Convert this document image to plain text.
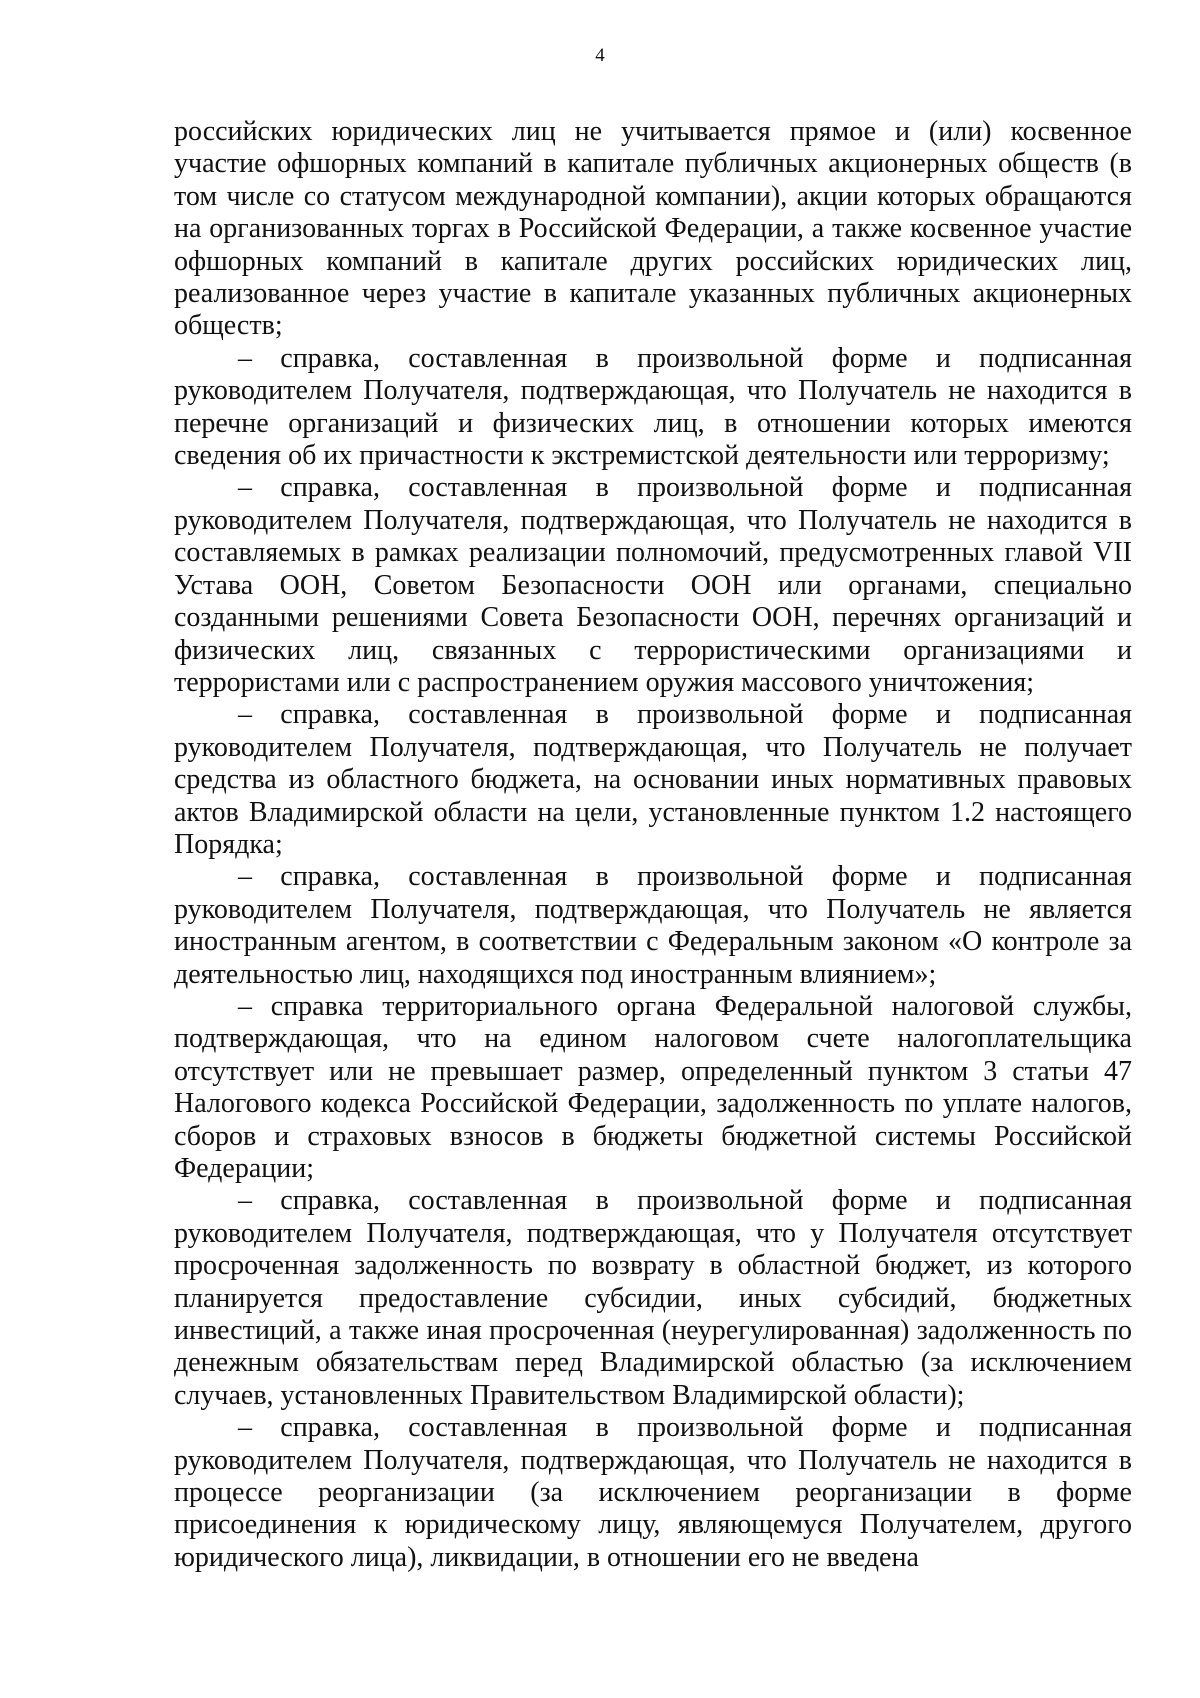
4

российских юридических лиц не учитывается прямое и (или) косвенное участие офшорных компаний в капитале публичных акционерных обществ (в том числе со статусом международной компании), акции которых обращаются на организованных торгах в Российской Федерации, а также косвенное участие офшорных компаний в капитале других российских юридических лиц, реализованное через участие в капитале указанных публичных акционерных обществ;

– справка, составленная в произвольной форме и подписанная руководителем Получателя, подтверждающая, что Получатель не находится в перечне организаций и физических лиц, в отношении которых имеются сведения об их причастности к экстремистской деятельности или терроризму;

– справка, составленная в произвольной форме и подписанная руководителем Получателя, подтверждающая, что Получатель не находится в составляемых в рамках реализации полномочий, предусмотренных главой VII Устава ООН, Советом Безопасности ООН или органами, специально созданными решениями Совета Безопасности ООН, перечнях организаций и физических лиц, связанных с террористическими организациями и террористами или с распространением оружия массового уничтожения;

– справка, составленная в произвольной форме и подписанная руководителем Получателя, подтверждающая, что Получатель не получает средства из областного бюджета, на основании иных нормативных правовых актов Владимирской области на цели, установленные пунктом 1.2 настоящего Порядка;

– справка, составленная в произвольной форме и подписанная руководителем Получателя, подтверждающая, что Получатель не является иностранным агентом, в соответствии с Федеральным законом «О контроле за деятельностью лиц, находящихся под иностранным влиянием»;

– справка территориального органа Федеральной налоговой службы, подтверждающая, что на едином налоговом счете налогоплательщика отсутствует или не превышает размер, определенный пунктом 3 статьи 47 Налогового кодекса Российской Федерации, задолженность по уплате налогов, сборов и страховых взносов в бюджеты бюджетной системы Российской Федерации;

– справка, составленная в произвольной форме и подписанная руководителем Получателя, подтверждающая, что у Получателя отсутствует просроченная задолженность по возврату в областной бюджет, из которого планируется предоставление субсидии, иных субсидий, бюджетных инвестиций, а также иная просроченная (неурегулированная) задолженность по денежным обязательствам перед Владимирской областью (за исключением случаев, установленных Правительством Владимирской области);

– справка, составленная в произвольной форме и подписанная руководителем Получателя, подтверждающая, что Получатель не находится в процессе реорганизации (за исключением реорганизации в форме присоединения к юридическому лицу, являющемуся Получателем, другого юридического лица), ликвидации, в отношении его не введена
